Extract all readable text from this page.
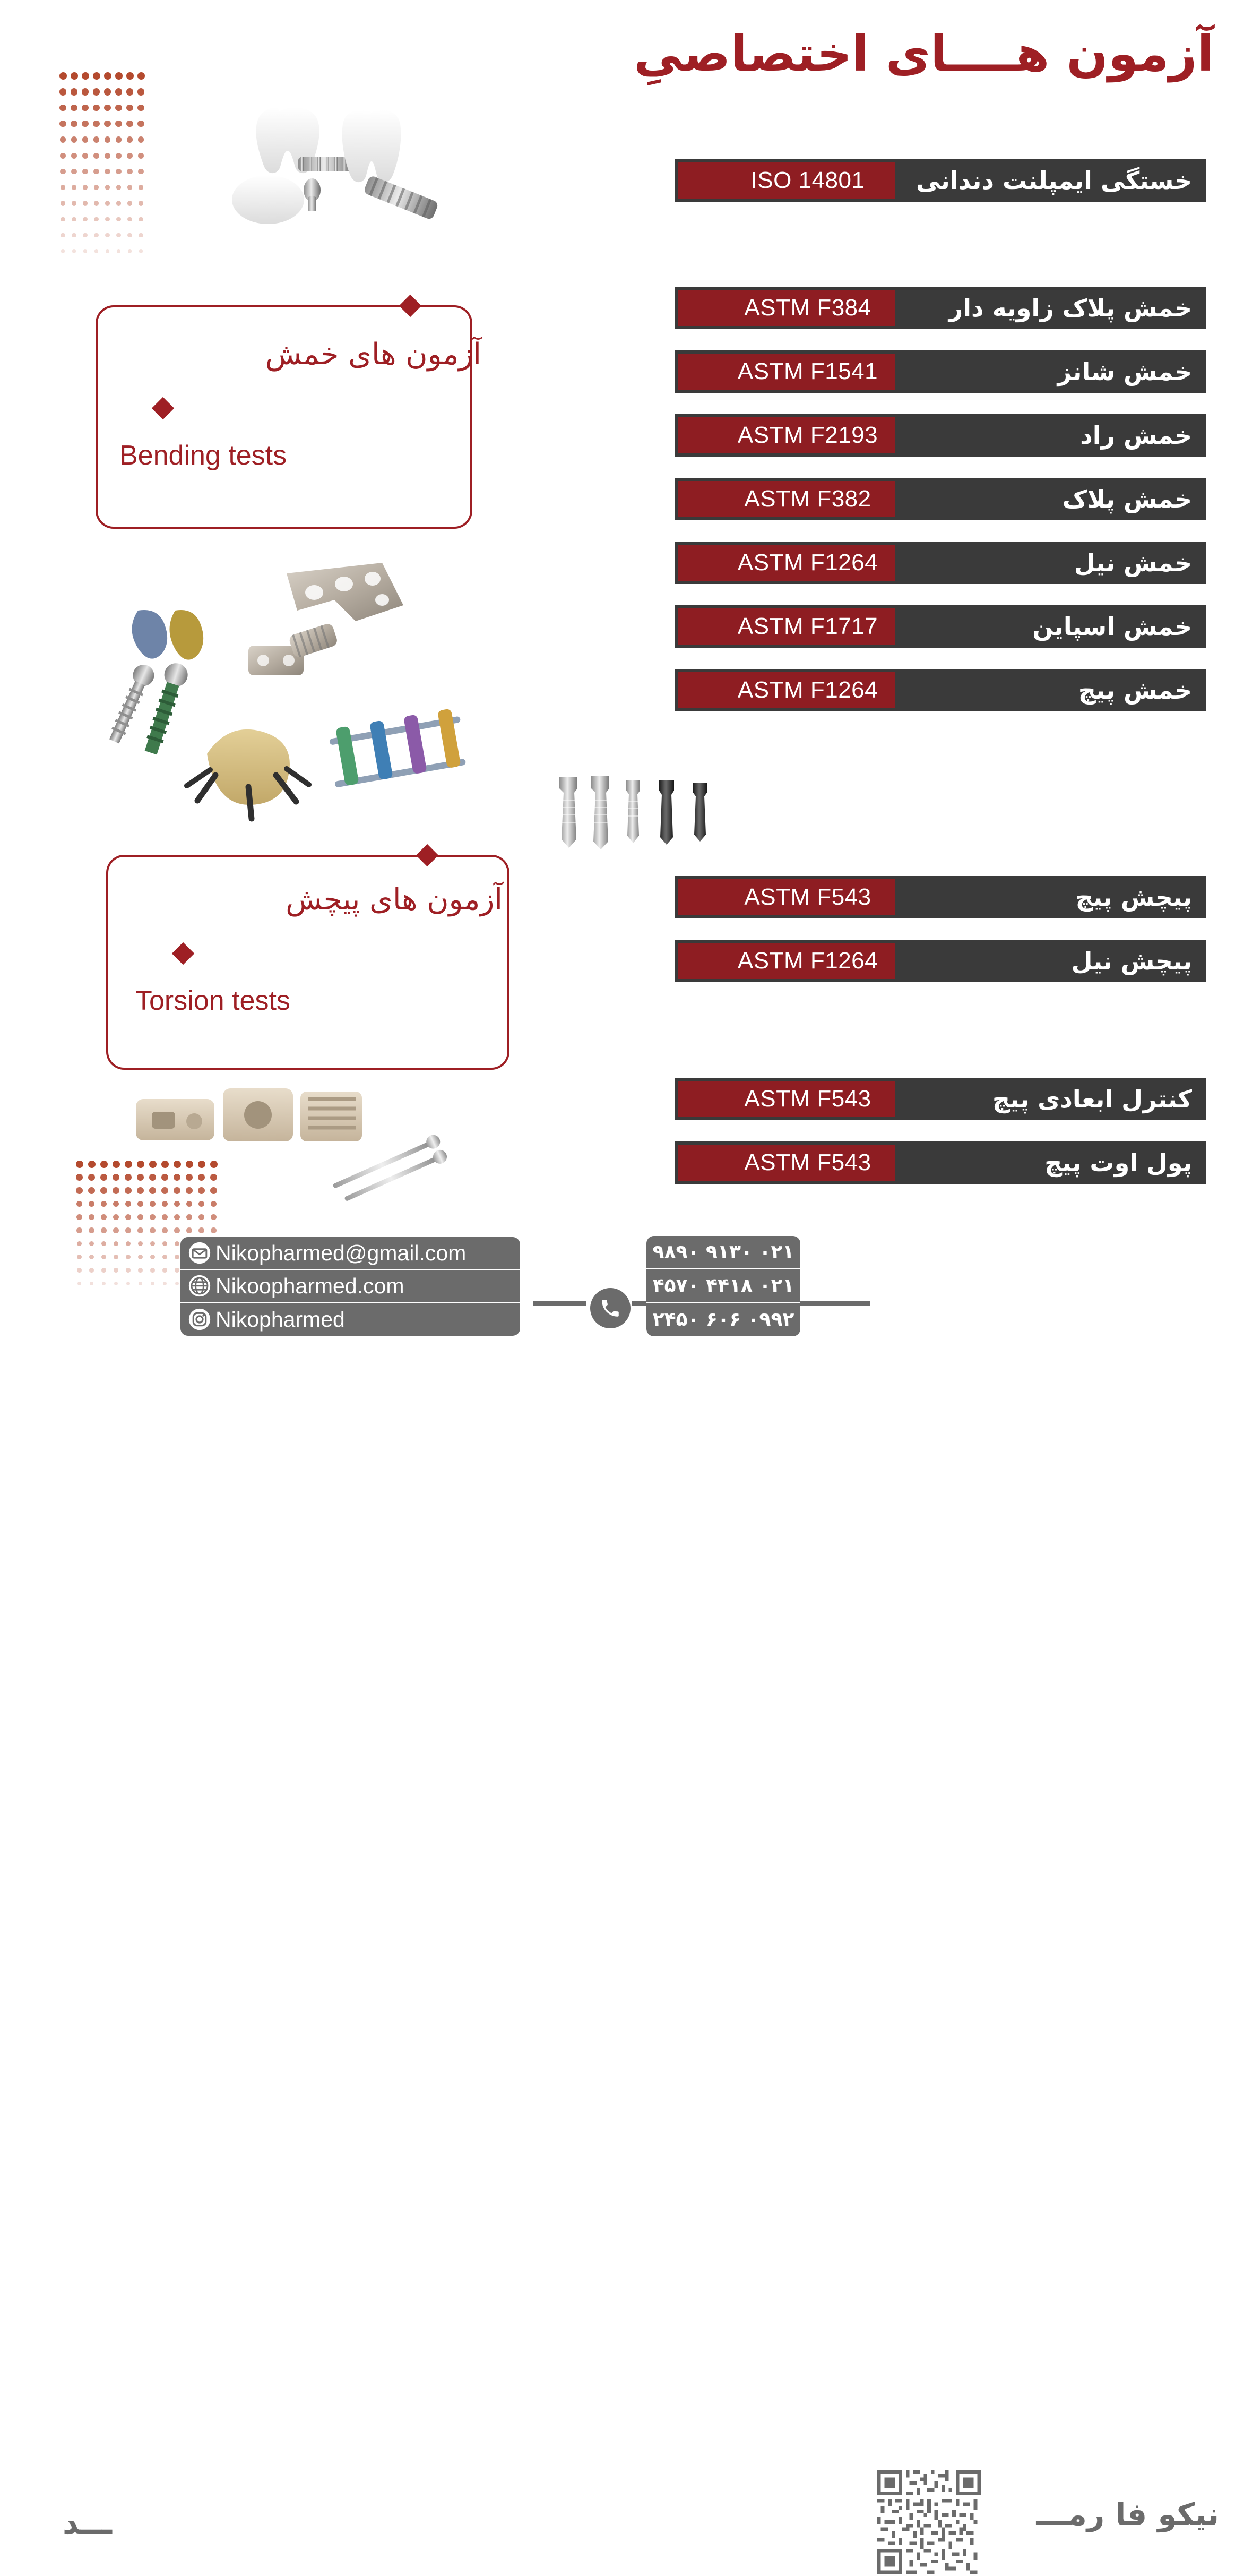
آزمون هــــای اختصاصیِ
آزمون های خمش
Bending tests
آزمون های پیچش
Torsion tests
ISO 14801	خستگی ایمپلنت دندانی
ASTM F384	خمش پلاک زاویه دار
ASTM F1541	خمش شانز
ASTM F2193	خمش راد
ASTM F382	خمش پلاک
ASTM F1264	خمش نیل
ASTM F1717	خمش اسپاین
ASTM F1264	خمش پیچ
ASTM F543	پیچش پیچ
ASTM F1264	پیچش نیل
ASTM F543	کنترل ابعادی پیچ
ASTM F543	پول اوت پیچ
Nikopharmed@gmail.com
Nikoopharmed.com
Nikopharmed
۰۲۱ ۹۱۳۰ ۹۸۹۰
۰۲۱ ۴۴۱۸ ۴۵۷۰
۰۹۹۲ ۶۰۶ ۲۴۵۰
نیکو فا رمـــ
ـــد
